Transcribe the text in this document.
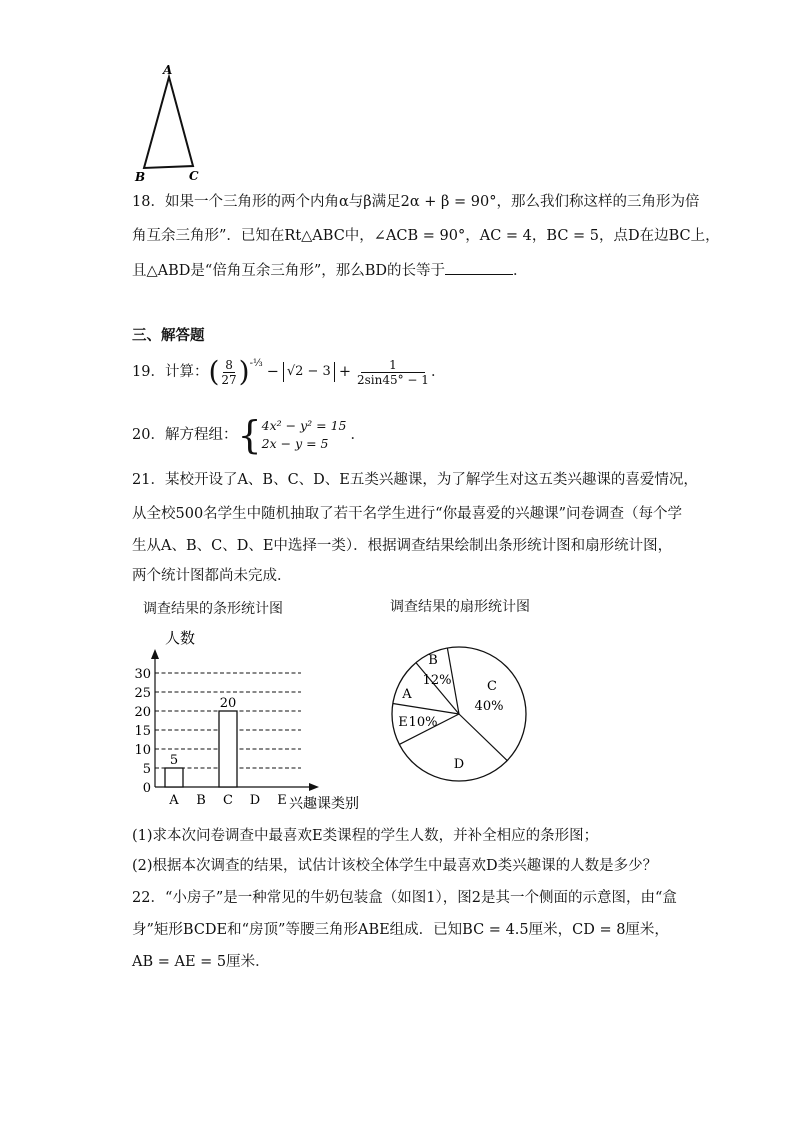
A
B	C
18．如果一个三角形的两个内角α与β满足2α + β = 90°，那么我们称这样的三角形为倍
角互余三角形”．已知在Rt△ABC中，∠ACB = 90°，AC = 4，BC = 5，点D在边BC上，
且△ABD是“倍角互余三角形”，那么BD的长等于	．
三、解答题
19．计算： ( $\frac{8}{27} )^{-\frac{1}{3}}$
− $√2 - 3 + \frac{1}{2\sin 45^\circ - 1}$ ．
20．解方程组： { 4x² − y² = 15
2x − y = 5
．
21．某校开设了A、B、C、D、E五类兴趣课，为了解学生对这五类兴趣课的喜爱情况，
从全校500名学生中随机抽取了若干名学生进行“你最喜爱的兴趣课”问卷调查（每个学
生从A、B、C、D、E中选择一类）．根据调查结果绘制出条形统计图和扇形统计图，
两个统计图都尚未完成．
调查结果的条形统计图
人数
兴趣课类别
0
5
10
15
20
25
30
A
5
B C
20
D E
调查结果的扇形统计图
A
B
12%	C
40%
D
E 10%
(1)求本次问卷调查中最喜欢E类课程的学生人数，并补全相应的条形图；
(2)根据本次调查的结果，试估计该校全体学生中最喜欢D类兴趣课的人数是多少？
22．“小房子”是一种常见的牛奶包装盒（如图1），图2是其一个侧面的示意图，由“盒
身”矩形BCDE和“房顶”等腰三角形ABE组成．已知BC = 4.5厘米，CD = 8厘米，
AB = AE = 5厘米．
